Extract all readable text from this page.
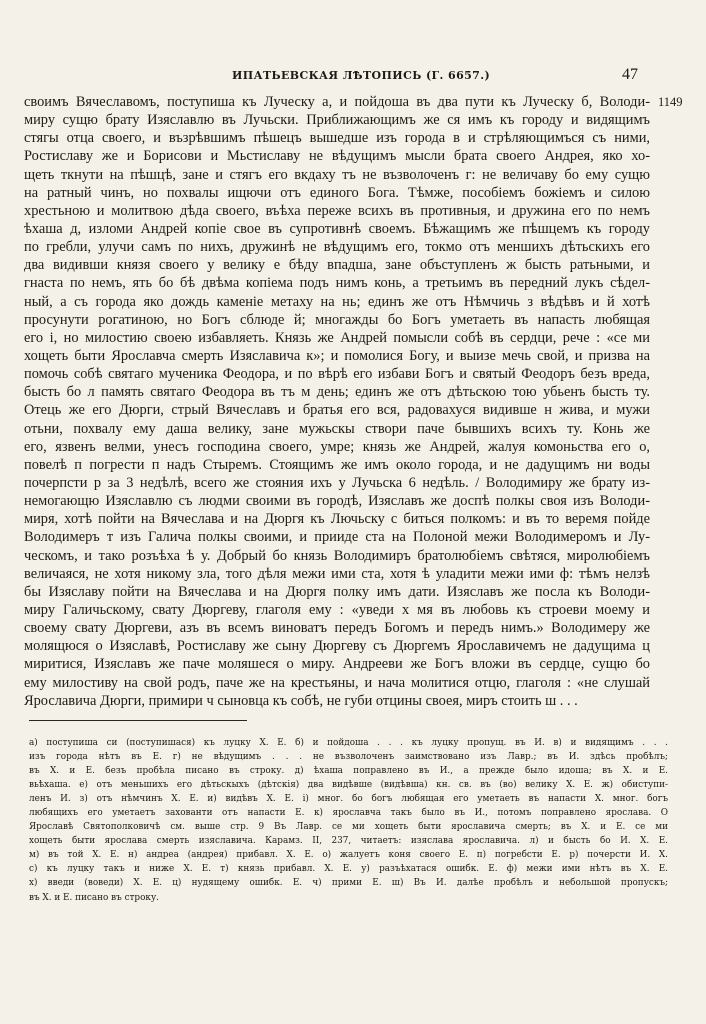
ИПАТЬЕВСКАЯ ЛѢТОПИСЬ (Г. 6657.)	47
1149
своимъ Вячеславомъ, поступиша къ Луческу а, и пойдоша въ два пути къ Луческу б, Володи-
миру сущю брату Изяславлю въ Лучьски. Приближающимъ же ся имъ къ городу и видящимъ
стягы отца своего, и възрѣвшимъ пѣшецъ вышедше изъ города в и стрѣляющимъся съ ними,
Ростиславу же и Борисови и Мьстиславу не вѣдущимъ мысли брата своего Андрея, яко хо-
щеть ткнути на пѣшцѣ, зане и стягъ его вкдаху тъ не възволоченъ г: не величаву бо ему сущю
на ратный чинъ, но похвалы ищючи отъ единого Бога. Тѣмже, пособіемъ божіемъ и силою
хрестьною и молитвою дѣда своего, въѣха переже всихъ въ противныя, и дружина его по немъ
ѣхаша д, изломи Андрей копіе свое въ супротивнѣ своемъ. Бѣжащимъ же пѣшцемъ къ городу
по гребли, улучи самъ по нихъ, дружинѣ не вѣдущимъ его, токмо отъ меншихъ дѣтьскихъ его
два видивши князя своего у велику е бѣду впадша, зане объступленъ ж бысть ратьными, и
гнаста по немъ, ять бо бѣ двѣма копіема подъ нимъ конь, а третьимъ въ передний лукъ сѣдел-
ный, а съ города яко дождь каменіе метаху на нь; единъ же отъ Нѣмчичь з вѣдѣвъ и й хотѣ
просунути рогатиною, но Богъ сблюде й; многажды бо Богъ уметаеть въ напасть любящая
его і, но милостию своею избавляеть. Князь же Андрей помысли собѣ въ сердци, рече : «се ми
хощеть быти Ярославча смерть Изяславича к»; и помолися Богу, и выизе мечь свой, и призва на
помочь собѣ святаго мученика Феодора, и по вѣрѣ его избави Богъ и святый Феодоръ безъ вреда,
бысть бо л память святаго Феодора въ тъ м день; единъ же отъ дѣтьскою тою убьенъ бысть ту.
Отець же его Дюрги, стрый Вячеславъ и братья его вся, радовахуся видивше н жива, и мужи
отьни, похвалу ему даша велику, зане мужьскы створи паче бывшихъ всихъ ту. Конь же
его, язвенъ велми, унесъ господина своего, умре; князь же Андрей, жалуя комоньства его о,
повелѣ п погрести п надъ Стыремъ. Стоящимъ же имъ около города, и не дадущимъ ни воды
почерпсти р за 3 недѣлѣ, всего же стояния ихъ у Лучьска 6 недѣль. / Володимиру же брату из-
немогающю Изяславлю съ людми своими въ городѣ, Изяславъ же доспѣ полкы своя изъ Володи-
миря, хотѣ пойти на Вячеслава и на Дюргя къ Лючьску с биться полкомъ: и въ то веремя пойде
Володимеръ т изъ Галича полкы своими, и прииде ста на Полоной межи Володимеромъ и Лу-
ческомъ, и тако розъѣха ѣ у. Добрый бо князь Володимиръ братолюбіемъ свѣтяся, миролюбіемъ
величаяся, не хотя никому зла, того дѣля межи ими ста, хотя ѣ уладити межи ими ф: тѣмъ нелзѣ
бы Изяславу пойти на Вячеслава и на Дюргя полку имъ дати. Изяславъ же посла къ Володи-
миру Галичьскому, свату Дюргеву, глаголя ему : «уведи х мя въ любовь къ строеви моему и
своему свату Дюргеви, азъ въ всемъ виноватъ передъ Богомъ и передъ нимъ.» Володимеру же
молящюся о Изяславѣ, Ростиславу же сыну Дюргеву съ Дюргемъ Ярославичемъ не дадущима ц
миритися, Изяславъ же паче моляшеся о миру. Андрееви же Богъ вложи въ сердце, сущю бо
ему милостиву на свой родъ, паче же на крестьяны, и нача молитися отцю, глаголя : «не слушай
Ярославича Дюрги, примири ч сыновца къ собѣ, не губи отцины своея, миръ стоить ш . . .
а) поступиша си (поступишася) къ луцку Х. Е. б) и пойдоша . . . къ луцку пропущ. въ И. в) и видящимъ . . .
изъ города нѣтъ въ Е. г) не вѣдущимъ . . . не възволоченъ заимствовано изъ Лавр.; въ И. здѣсь пробѣлъ;
въ Х. и Е. безъ пробѣла писано въ строку. д) ѣхаша поправлено въ И., а прежде было идоша; въ Х. и Е.
вьѣхаша. е) отъ меньшихъ его дѣтьскыхъ (дѣтскія) два видѣвше (видѣвша) кн. св. въ (во) велику Х. Е. ж) обиступи-
ленъ И. з) отъ нѣмчинъ Х. Е. и) видѣвъ Х. Е. і) мног. бо богъ любящая его уметаеть въ напасти Х. мног. богъ
любящихъ его уметаетъ захованти отъ напасти Е. к) ярославча такъ было въ И., потомъ поправлено ярослава. О
Ярославѣ Святополковичѣ см. выше стр. 9 Въ Лавр. се ми хощеть быти ярославича смерть; въ Х. и Е. се ми
хощеть быти ярослава смерть изяславича. Карамз. II, 237, читаетъ: изяслава ярославича. л) и бысть бо И. Х. Е.
м) въ той Х. Е. н) андреа (андрея) прибавл. Х. Е. о) жалуетъ коня своего Е. п) погребсти Е. р) почерсти И. Х.
с) къ луцку такъ и ниже Х. Е. т) князь прибавл. Х. Е. у) разъѣхатася ошибк. Е. ф) межи ими нѣтъ въ Х. Е.
х) введи (воведи) Х. Е. ц) нудящему ошибк. Е. ч) прими Е. ш) Въ И. далѣе пробѣлъ и небольшой пропускъ;
въ Х. и Е. писано въ строку.
